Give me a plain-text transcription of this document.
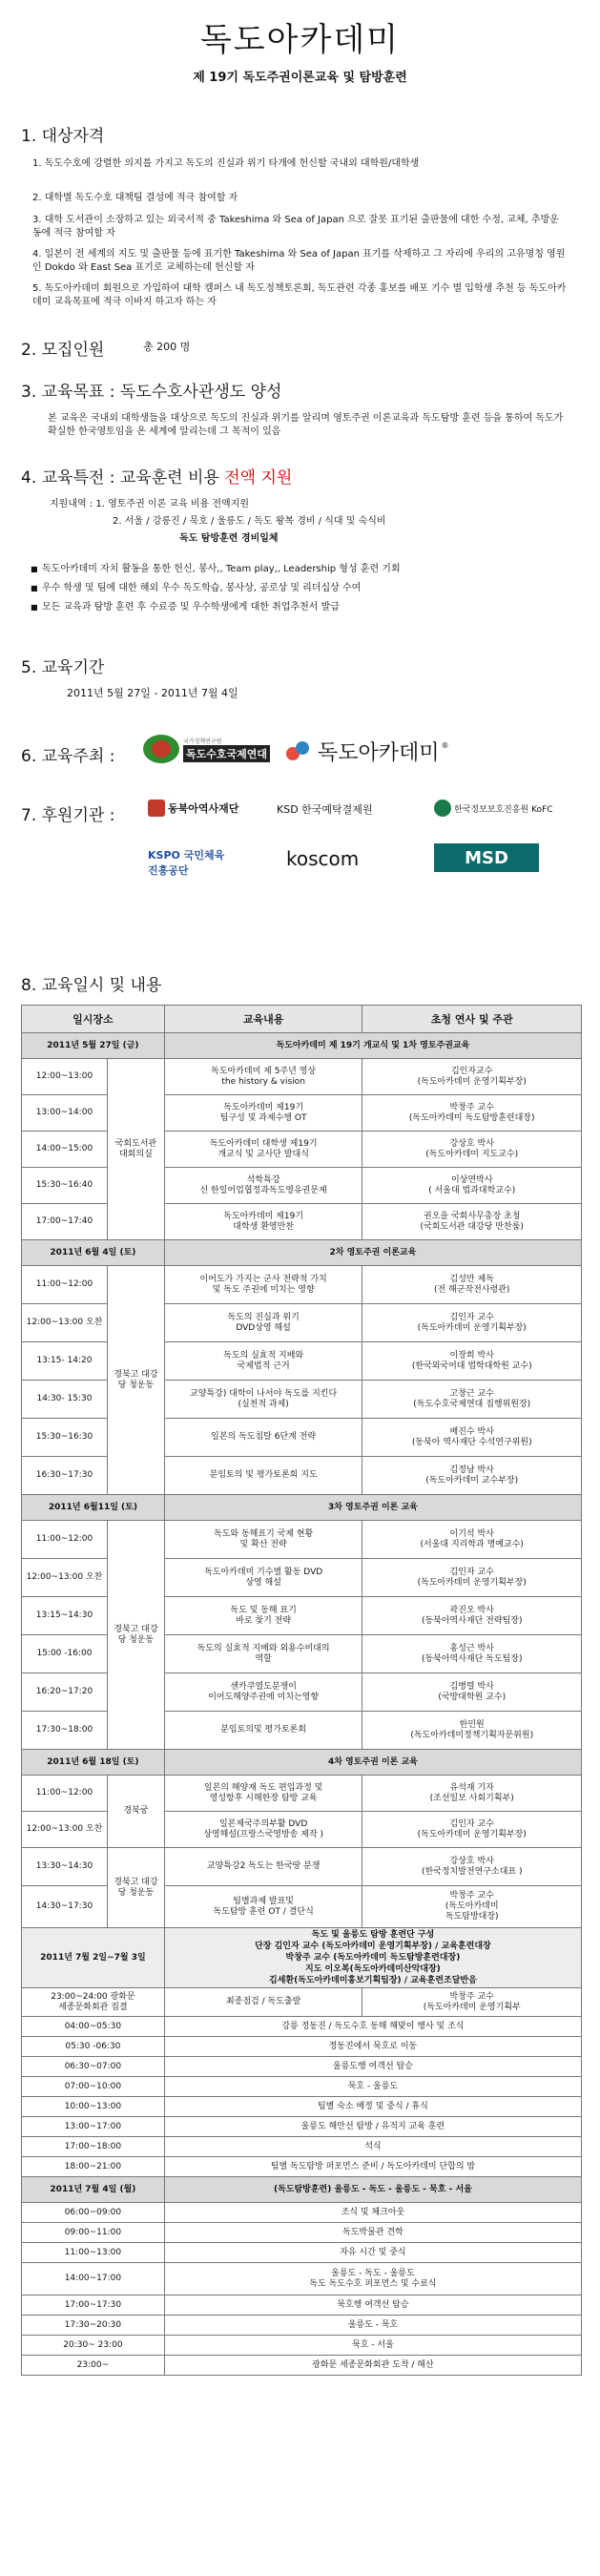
독도아카데미
제 19기 독도주권이론교육 및 탐방훈련
1. 대상자격
1. 독도수호에 강렬한 의지를 가지고 독도의 진실과 위기 타개에 헌신할 국내외 대학원/대학생
2. 대학별 독도수호 대책팀 결성에 적극 참여할 자
3. 대학 도서관이 소장하고 있는 외국서적 중 Takeshima 와 Sea of Japan 으로 잘못 표기된 출판물에 대한 수정, 교체, 추방운동에 적극 참여할 자
4. 일본이 전 세계의 지도 및 출판물 등에 표기한 Takeshima 와 Sea of Japan 표기를 삭제하고 그 자리에 우리의 고유명칭 영원인 Dokdo 와 East Sea 표기로 교체하는데 헌신할 자
5. 독도아카데미 회원으로 가입하여 대학 캠퍼스 내 독도정책토론회, 독도관련 각종 홍보를 배포 기수 별 입학생 추천 등 독도아카데미 교육목표에 적극 이바지 하고자 하는 자
2. 모집인원	총 200 명
3. 교육목표 : 독도수호사관생도 양성
본 교육은 국내외 대학생들을 대상으로 독도의 진실과 위기를 알리며 영토주권 이론교육과 독도탐방 훈련 등을 통하여 독도가 확실한 한국영토임을 온 세계에 알리는데 그 목적이 있음
4. 교육특전 : 교육훈련 비용 전액 지원
지원내역 : 1. 영토주권 이론 교육 비용 전액지원
2. 서울 / 강릉진 / 묵호 / 울릉도 / 독도 왕복 경비 / 식대 및 숙식비
독도 탐방훈련 경비일체
■ 독도아카데미 자치 활동을 통한 헌신, 봉사,, Team play,, Leadership 형성 훈련 기회
■ 우수 학생 및 팀에 대한 해외 우수 독도학습, 봉사상, 공로상 및 리더십상 수여
■ 모든 교육과 탐방 훈련 후 수료증 및 우수학생에게 대한 취업추천서 발급
5. 교육기간
2011년 5월 27일 - 2011년 7월 4일
6. 교육주최 :
국가정책연구원
독도수호국제연대 독도아카데미 ®
7. 후원기관 :	동북아역사재단	KSD 한국예탁결제원	한국정보보호진흥원 KoFC
KSPO 국민체육진흥공단
koscom	MSD
8. 교육일시 및 내용
일시장소		교육내용	초청 연사 및 주관
2011년 5월 27일 (금)		독도아카데미 제 19기 개교식 및 1차 영토주권교육	
12:00~13:00	국회도서관 대회의실	독도아카데미 제 5주년 영상
the history & vision	김인자교수
(독도아카데미 운영기획부장)
13:00~14:00		독도아카데미 제19기
팀구성 및 과제수행 OT	박창주 교수
(독도아카데미 독도탐방훈련대장)
14:00~15:00		독도아카데미 대학생 제19기
개교식 및 교사단 발대식	강상호 박사
(독도아카데미 지도교수)
15:30~16:40		석학특강
신 한일어업협정과독도영유권문제	이상면박사
( 서울대 법과대학교수)
17:00~17:40		독도아카데미 제19기
대학생 환영만찬	권오을 국회사무총장 초청
(국회도서관 대강당 만찬룸)
2011년 6월 4일 (토)		2차 영토주권 이론교육	
11:00~12:00	경북고 대강당 청운동	이어도가 가지는 군사 전략적 가치
및 독도 주권에 미치는 영향	김성만 제독
(전 해군작전사령관)
12:00~13:00 오찬		독도의 진실과 위기
DVD상영 해설	김인자 교수
(독도아카데미 운영기획부장)
13:15- 14:20		독도의 실효적 지배와
국제법적 근거	이장희 박사
(한국외국어대 법학대학원 교수)
14:30- 15:30		교양특강) 대학이 나서야 독도를 지킨다
(실천적 과제)	고창근 교수
(독도수호국제연대 집행위원장)
15:30~16:30		일본의 독도침탈 6단계 전략	배진수 박사
(동북아 역사재단 수석연구위원)
16:30~17:30		분임토의 및 평가토론회 지도	김정남 박사
(독도아카데미 교수부장)
2011년 6월11일 (토)		3차 영토주권 이론 교육	
11:00~12:00	경북고 대강당 청운동	독도와 동해표기 국제 현황
및 확산 전략	이기석 박사
(서울대 지리학과 명예교수)
12:00~13:00 오찬		독도아카데미 기수별 활동 DVD
상영 해설	김인자 교수
(독도아카데미 운영기획부장)
13:15~14:30		독도 및 동해 표기
바로 찾기 전략	곽진오 박사
(동북아역사재단 전략팀장)
15:00 -16:00		독도의 실효적 지배와 외용수비대의
역할	홍성근 박사
(동북아역사재단 독도팀장)
16:20~17:20		센카쿠열도분쟁이
이어도해양주권에 미치는영향	김병렬 박사
(국방대학원 교수)
17:30~18:00		분임토의및 평가토론회	한민원
(독도아카데미정책기획자문위원)
2011년 6월 18일 (토)		4차 영토주권 이론 교육	
11:00~12:00	경북궁	일본의 해양재 독도 편입과정 및
영성항후 시해한장 탐방 교육	유석재 기자
(조선일보 사회기획부)
12:00~13:00 오찬		일본제국주의부활 DVD
상영해설(프랑스국영방송 제작 )	김인자 교수
(독도아카데미 운영기획부장)
13:30~14:30	경북고 대강당 청운동	교양특강2 독도는 한국땅 분쟁	강상호 박사
(한국정치발전연구소대표 )
14:30~17:30		팀별과제 발표및
독도탐방 훈련 OT / 결단식	박창주 교수
(독도아카데미
독도탐방대장)
2011년 7월 2일~7월 3일		독도 및 울릉도 탐방 훈련단 구성
단장 김인자 교수 (독도아카데미 운영기획부장) / 교육훈련대장
박창주 교수 (독도아카데미 독도탐방훈련대장)
지도 이오복(독도아카데미산악대장)
김세환(독도아카데미홍보기획팀장) / 교육훈련조달반음	

23:00~24:00 광화문
세종문화회관 집결		최종점검 / 독도출발	박창주 교수
(독도아카데미 운영기획부
04:00~05:30		강릉 정동진 / 독도수호 동해 해맞이 행사 및 조식	
05:30 -06:30		정동진에서 묵호로 이동	
06:30~07:00		울릉도행 여객선 탑승	
07:00~10:00		묵호 - 울릉도	
10:00~13:00		팀별 숙소 배정 및 중식 / 휴식	
13:00~17:00		울릉도 해안선 탐방 / 유적지 교육 훈련	
17:00~18:00		석식	
18:00~21:00		팀별 독도탐방 퍼포먼스 준비 / 독도아카데미 단합의 밤	
2011년 7월 4일 (월)		(독도탐방훈련) 울릉도 - 독도 - 울릉도 - 묵호 - 서울	
06:00~09:00		조식 및 체크아웃	
09:00~11:00		독도박물관 견학	
11:00~13:00		자유 시간 및 중식	
14:00~17:00		울릉도 - 독도 - 울릉도
독도 독도수호 퍼포먼스 및 수료식	
17:00~17:30		묵호행 여객선 탑승	
17:30~20:30		울릉도 - 묵호	
20:30~ 23:00		묵호 - 서울	
23:00~		광화문 세종문화회관 도착 / 해산	
